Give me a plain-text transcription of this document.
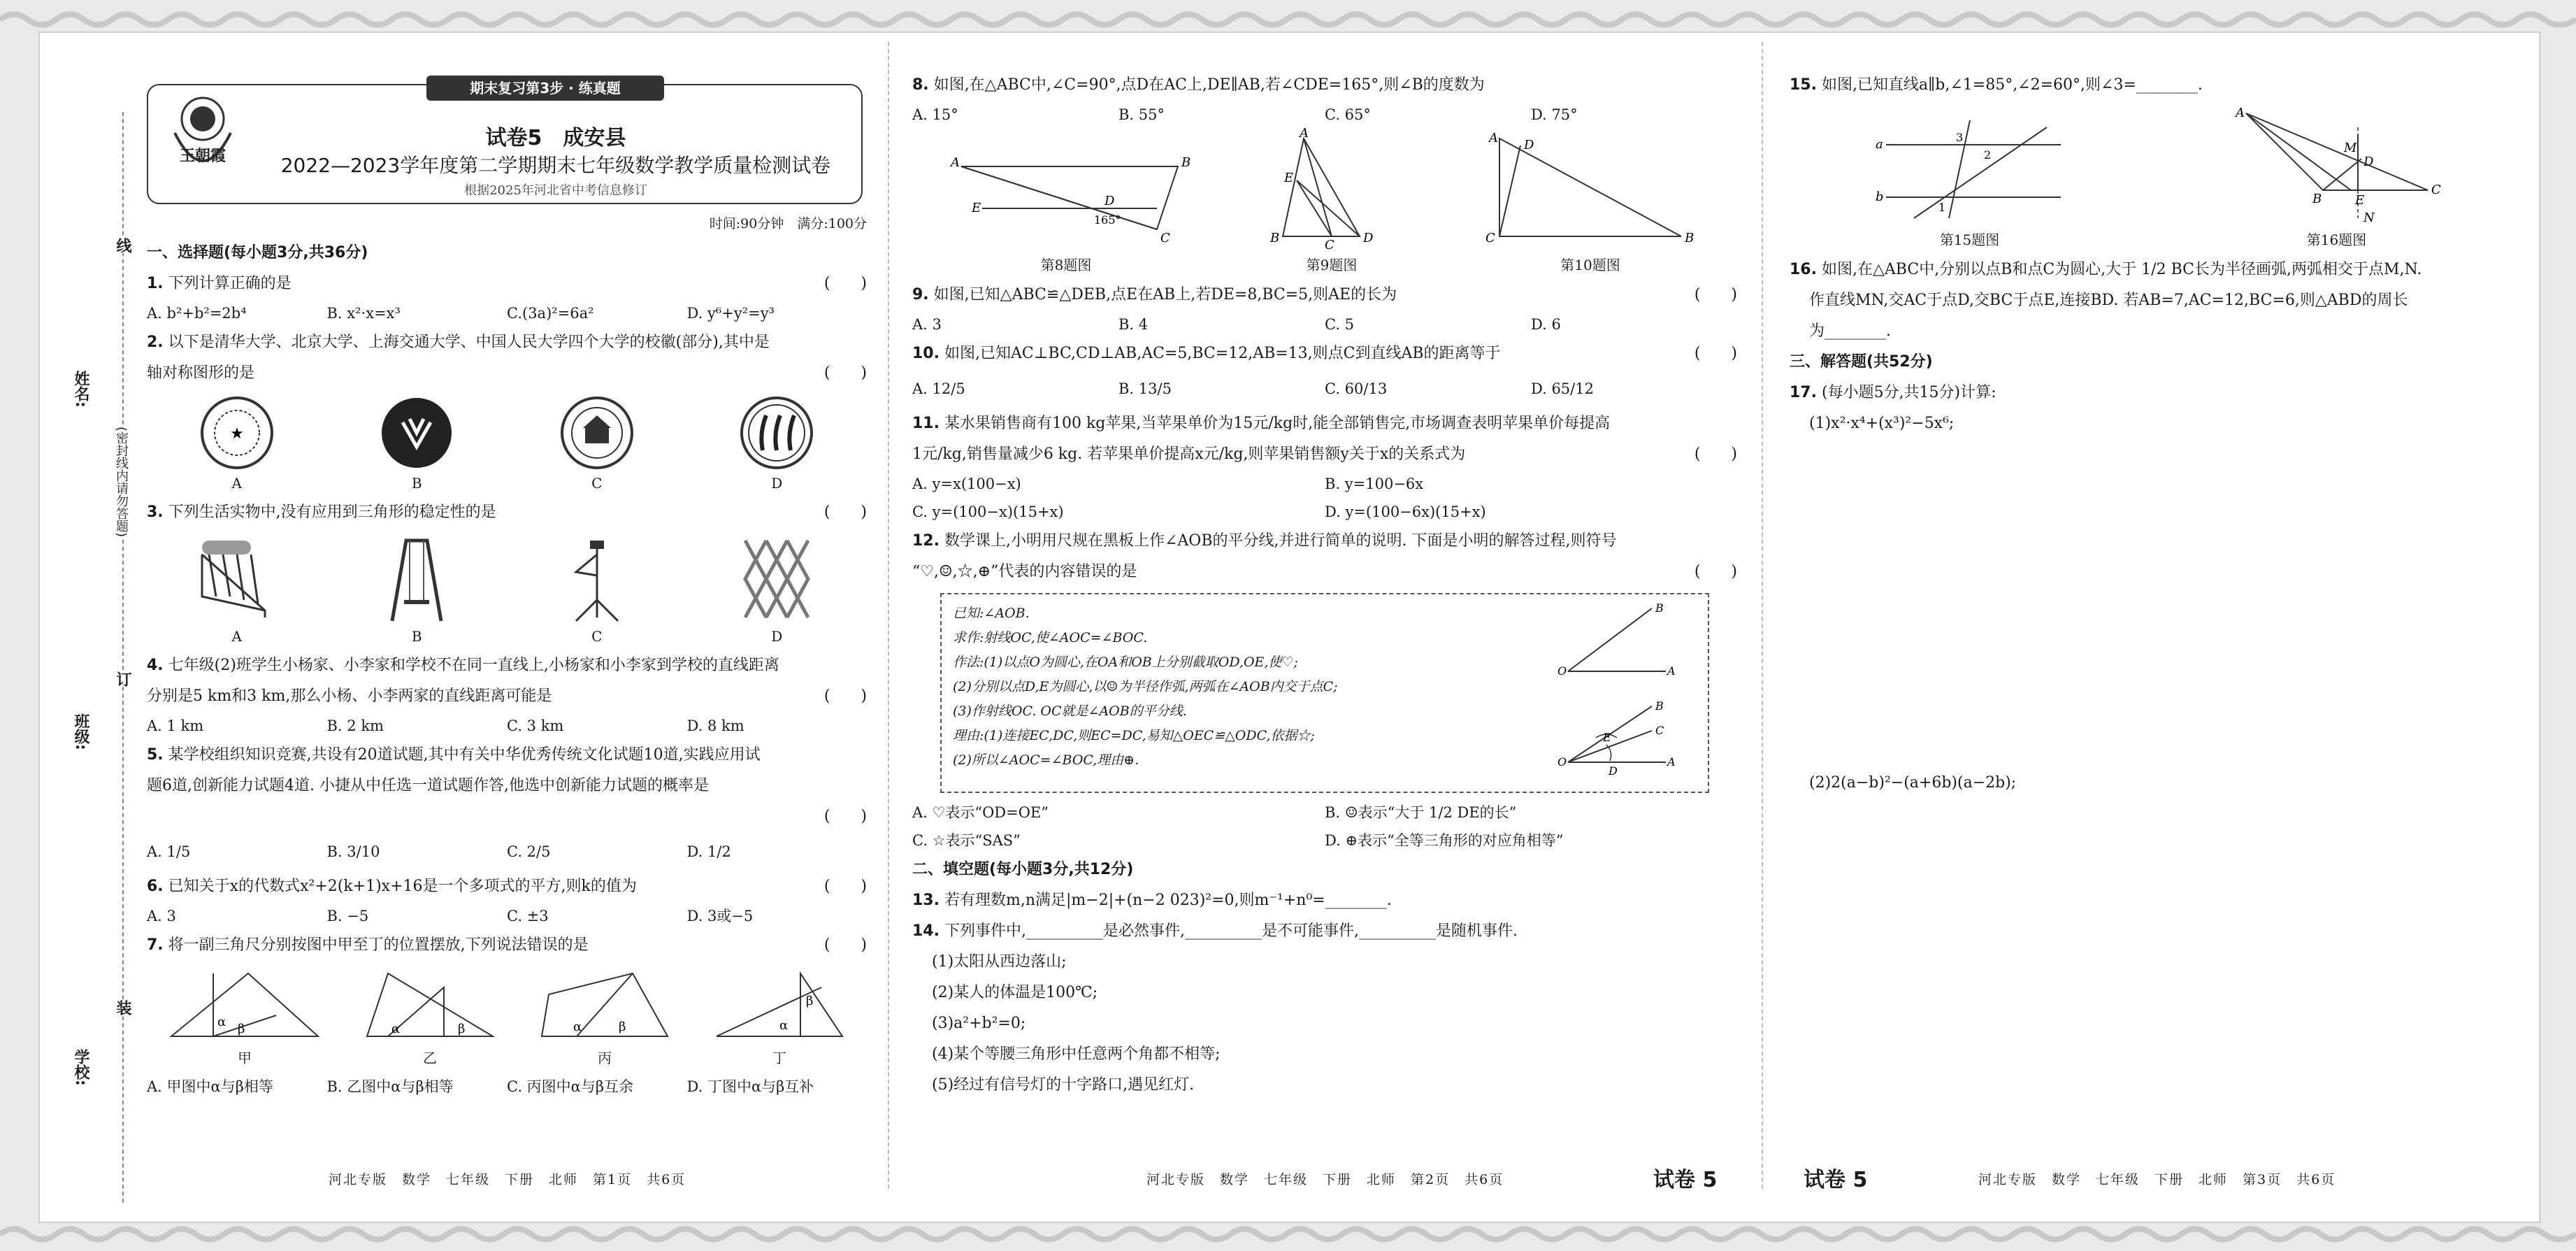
姓名:
班级:
学校:
线
订
装
(密封线内请勿答题)
期末复习第3步 · 练真题
王朝霞
试卷5　成安县
2022—2023学年度第二学期期末七年级数学教学质量检测试卷
根据2025年河北省中考信息修订
时间:90分钟　满分:100分
一、选择题(每小题3分,共36分)
1. 下列计算正确的是	(　　)
A. b²+b²=2b⁴	B. x²·x=x³	C.(3a)²=6a²	D. y⁶+y²=y³
2. 以下是清华大学、北京大学、上海交通大学、中国人民大学四个大学的校徽(部分),其中是
轴对称图形的是	(　　)
★
A	B	C	D
3. 下列生活实物中,没有应用到三角形的稳定性的是	(　　)
A	B	C	D
4. 七年级(2)班学生小杨家、小李家和学校不在同一直线上,小杨家和小李家到学校的直线距离
分别是5 km和3 km,那么小杨、小李两家的直线距离可能是	(　　)
A. 1 km	B. 2 km	C. 3 km	D. 8 km
5. 某学校组织知识竞赛,共设有20道试题,其中有关中华优秀传统文化试题10道,实践应用试
题6道,创新能力试题4道. 小捷从中任选一道试题作答,他选中创新能力试题的概率是
(　　)
A. 1/5	B. 3/10	C. 2/5	D. 1/2
6. 已知关于x的代数式x²+2(k+1)x+16是一个多项式的平方,则k的值为	(　　)
A. 3	B. −5	C. ±3	D. 3或−5
7. 将一副三角尺分别按图中甲至丁的位置摆放,下列说法错误的是	(　　)
α β
甲
α	β
乙
α	β
丙
α
β
丁
A. 甲图中α与β相等	B. 乙图中α与β相等	C. 丙图中α与β互余	D. 丁图中α与β互补
河北专版　数学　七年级　下册　北师　第1页　共6页
8. 如图,在△ABC中,∠C=90°,点D在AC上,DE∥AB,若∠CDE=165°,则∠B的度数为
A. 15°	B. 55°	C. 65°	D. 75°
A	B
C
E	D
165°
第8题图
A
B	D
E
C
第9题图
A
C	B
D
第10题图
9. 如图,已知△ABC≌△DEB,点E在AB上,若DE=8,BC=5,则AE的长为	(　　)
A. 3	B. 4	C. 5	D. 6
10. 如图,已知AC⊥BC,CD⊥AB,AC=5,BC=12,AB=13,则点C到直线AB的距离等于	(　　)
A. 12/5	B. 13/5	C. 60/13	D. 65/12
11. 某水果销售商有100 kg苹果,当苹果单价为15元/kg时,能全部销售完,市场调查表明苹果单价每提高
1元/kg,销售量减少6 kg. 若苹果单价提高x元/kg,则苹果销售额y关于x的关系式为	(　　)
A. y=x(100−x)	B. y=100−6x
C. y=(100−x)(15+x)	D. y=(100−6x)(15+x)
12. 数学课上,小明用尺规在黑板上作∠AOB的平分线,并进行简单的说明. 下面是小明的解答过程,则符号
“♡,☺,☆,⊕”代表的内容错误的是	(　　)
已知:∠AOB.
求作:射线OC,使∠AOC=∠BOC.
作法:(1)以点O为圆心,在OA和OB上分别截取OD,OE,使♡;
(2)分别以点D,E为圆心,以☺为半径作弧,两弧在∠AOB内交于点C;
(3)作射线OC. OC就是∠AOB的平分线.
理由:(1)连接EC,DC,则EC=DC,易知△OEC≌△ODC,依据☆;
(2)所以∠AOC=∠BOC,理由⊕.
O
B
A
O
B
A
C
E
D
A. ♡表示“OD=OE”	B. ☺表示“大于 1/2 DE的长”
C. ☆表示“SAS”	D. ⊕表示“全等三角形的对应角相等”
二、填空题(每小题3分,共12分)
13. 若有理数m,n满足|m−2|+(n−2 023)²=0,则m⁻¹+n⁰=________.
14. 下列事件中,__________是必然事件,__________是不可能事件,__________是随机事件.
(1)太阳从西边落山;
(2)某人的体温是100℃;
(3)a²+b²=0;
(4)某个等腰三角形中任意两个角都不相等;
(5)经过有信号灯的十字路口,遇见红灯.
河北专版　数学　七年级　下册　北师　第2页　共6页	试卷 5
15. 如图,已知直线a∥b,∠1=85°,∠2=60°,则∠3=________.
a
b
3
2
1
第15题图
A
B
C
D
E
M
N
第16题图
16. 如图,在△ABC中,分别以点B和点C为圆心,大于 1/2 BC长为半径画弧,两弧相交于点M,N.
作直线MN,交AC于点D,交BC于点E,连接BD. 若AB=7,AC=12,BC=6,则△ABD的周长
为________.
三、解答题(共52分)
17. (每小题5分,共15分)计算:
(1)x²·x⁴+(x³)²−5x⁶;
(2)2(a−b)²−(a+6b)(a−2b);
试卷 5	河北专版　数学　七年级　下册　北师　第3页　共6页
